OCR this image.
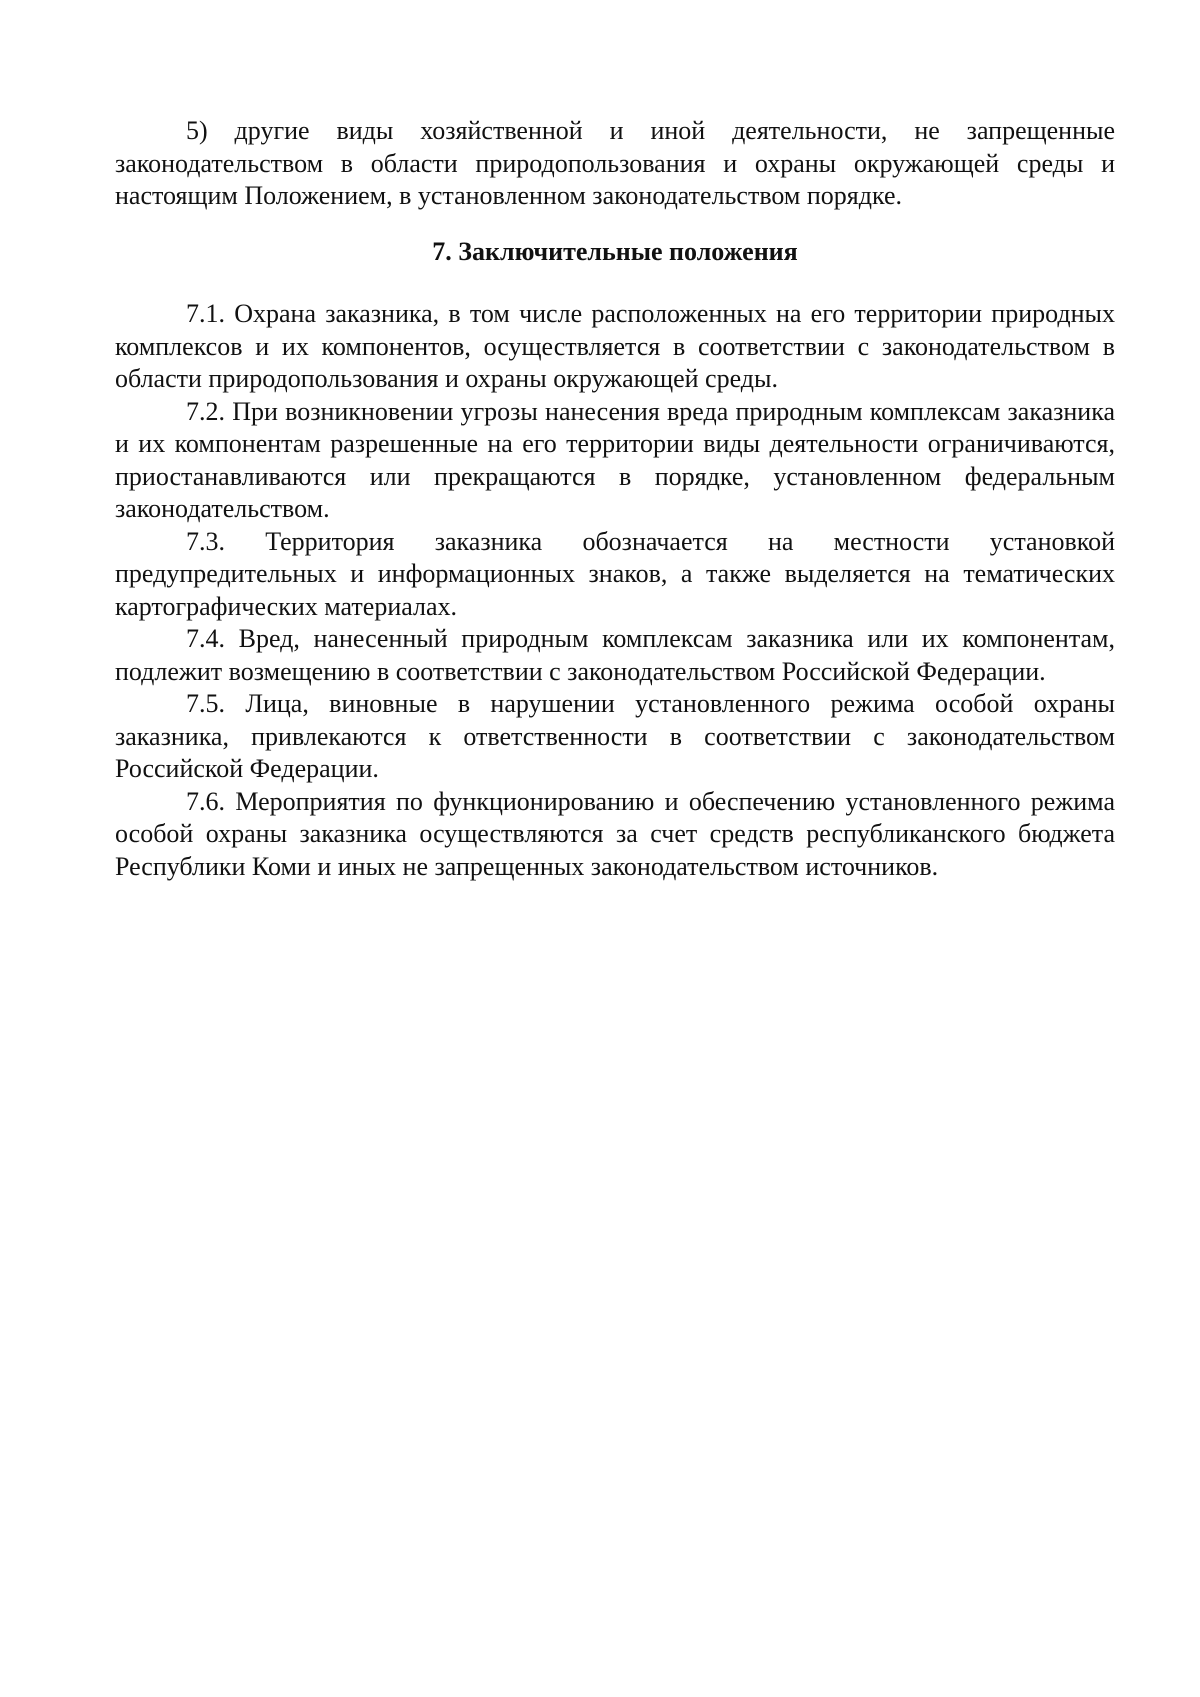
5) другие виды хозяйственной и иной деятельности, не запрещенные законодательством в области природопользования и охраны окружающей среды и настоящим Положением, в установленном законодательством порядке.

7. Заключительные положения

7.1. Охрана заказника, в том числе расположенных на его территории природных комплексов и их компонентов, осуществляется в соответствии с законодательством в области природопользования и охраны окружающей среды.

7.2. При возникновении угрозы нанесения вреда природным комплексам заказника и их компонентам разрешенные на его территории виды деятельности ограничиваются, приостанавливаются или прекращаются в порядке, установленном федеральным законодательством.

7.3. Территория заказника обозначается на местности установкой предупредительных и информационных знаков, а также выделяется на тематических картографических материалах.

7.4. Вред, нанесенный природным комплексам заказника или их компонентам, подлежит возмещению в соответствии с законодательством Российской Федерации.

7.5. Лица, виновные в нарушении установленного режима особой охраны заказника, привлекаются к ответственности в соответствии с законодательством Российской Федерации.

7.6. Мероприятия по функционированию и обеспечению установленного режима особой охраны заказника осуществляются за счет средств республиканского бюджета Республики Коми и иных не запрещенных законодательством источников.
